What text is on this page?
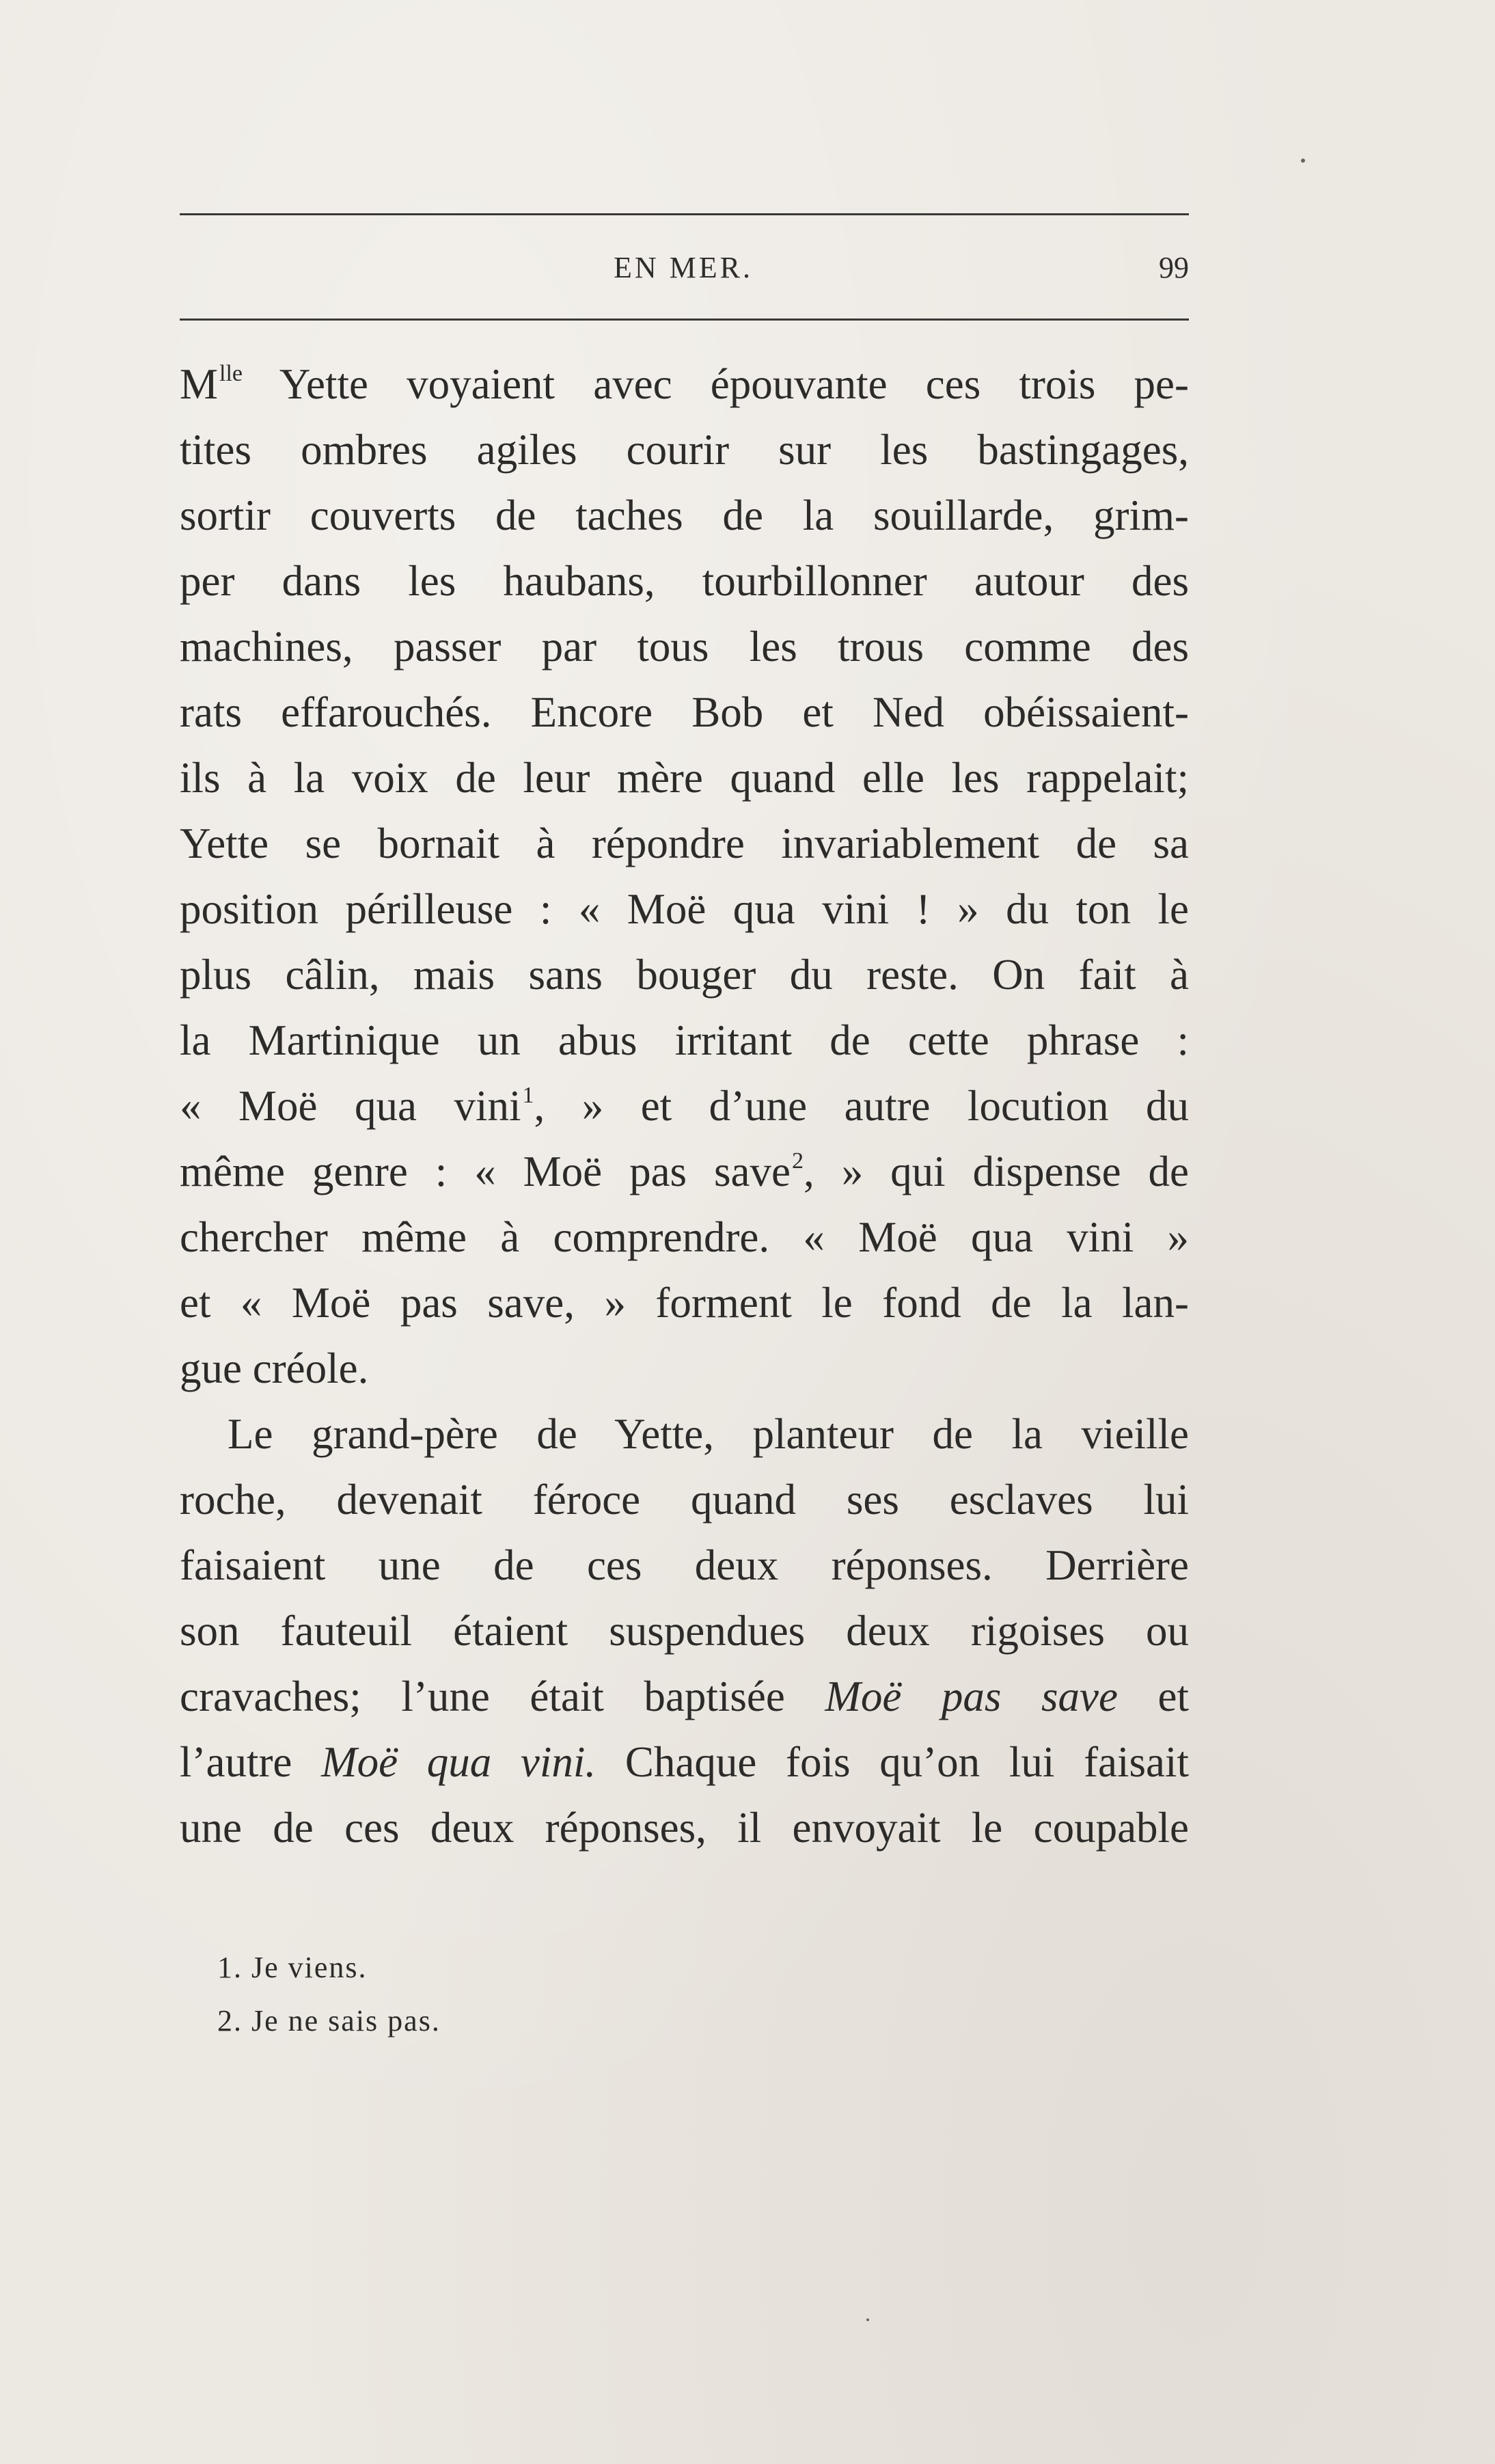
EN MER.	99
$M^{lle}$ Yette voyaient avec épouvante ces trois pe-
tites ombres agiles courir sur les bastingages,
sortir couverts de taches de la souillarde, grim-
per dans les haubans, tourbillonner autour des
machines, passer par tous les trous comme des
rats effarouchés. Encore Bob et Ned obéissaient-
ils à la voix de leur mère quand elle les rappelait;
Yette se bornait à répondre invariablement de sa
position périlleuse : « Moë qua vini ! » du ton le
plus câlin, mais sans bouger du reste. On fait à
la Martinique un abus irritant de cette phrase :
« Moë qua vini$^1$, » et d’une autre locution du
même genre : « Moë pas save$^2$, » qui dispense de
chercher même à comprendre. « Moë qua vini »
et « Moë pas save, » forment le fond de la lan-
gue créole.
Le grand-père de Yette, planteur de la vieille
roche, devenait féroce quand ses esclaves lui
faisaient une de ces deux réponses. Derrière
son fauteuil étaient suspendues deux rigoises ou
cravaches; l’une était baptisée Moë pas save et
l’autre Moë qua vini. Chaque fois qu’on lui faisait
une de ces deux réponses, il envoyait le coupable
1. Je viens.
2. Je ne sais pas.
